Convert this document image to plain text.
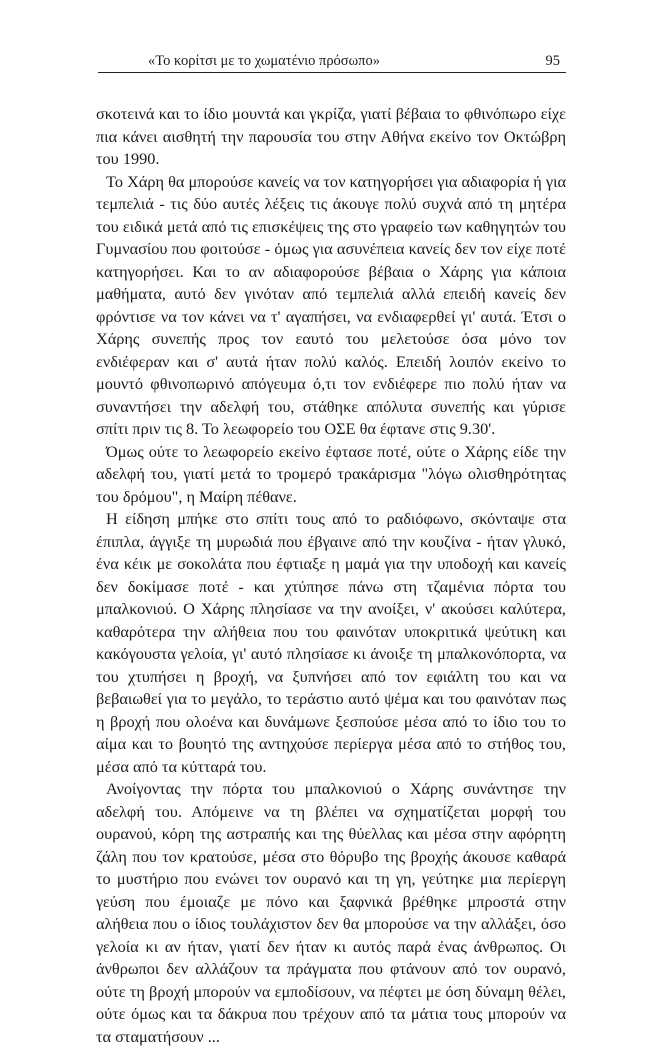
«Το κορίτσι με το χωματένιο πρόσωπο»	95

σκοτεινά και το ίδιο μουντά και γκρίζα, γιατί βέβαια το φθινόπωρο είχε πια κάνει αισθητή την παρουσία του στην Αθήνα εκείνο τον Οκτώβρη του 1990.

Το Χάρη θα μπορούσε κανείς να τον κατηγορήσει για αδιαφορία ή για τεμπελιά - τις δύο αυτές λέξεις τις άκουγε πολύ συχνά από τη μητέρα του ειδικά μετά από τις επισκέψεις της στο γραφείο των καθηγητών του Γυμνασίου που φοιτούσε - όμως για ασυνέπεια κανείς δεν τον είχε ποτέ κατηγορήσει. Και το αν αδιαφορούσε βέβαια ο Χάρης για κάποια μαθήματα, αυτό δεν γινόταν από τεμπελιά αλλά επειδή κανείς δεν φρόντισε να τον κάνει να τ' αγαπήσει, να ενδιαφερθεί γι' αυτά. Έτσι ο Χάρης συνεπής προς τον εαυτό του μελετούσε όσα μόνο τον ενδιέφεραν και σ' αυτά ήταν πολύ καλός. Επειδή λοιπόν εκείνο το μουντό φθινοπωρινό απόγευμα ό,τι τον ενδιέφερε πιο πολύ ήταν να συναντήσει την αδελφή του, στάθηκε απόλυτα συνεπής και γύρισε σπίτι πριν τις 8. Το λεωφορείο του ΟΣΕ θα έφτανε στις 9.30'.

Όμως ούτε το λεωφορείο εκείνο έφτασε ποτέ, ούτε ο Χάρης είδε την αδελφή του, γιατί μετά το τρομερό τρακάρισμα "λόγω ολισθηρότητας του δρόμου", η Μαίρη πέθανε.

Η είδηση μπήκε στο σπίτι τους από το ραδιόφωνο, σκόνταψε στα έπιπλα, άγγιξε τη μυρωδιά που έβγαινε από την κουζίνα - ήταν γλυκό, ένα κέικ με σοκολάτα που έφτιαξε η μαμά για την υποδοχή και κανείς δεν δοκίμασε ποτέ - και χτύπησε πάνω στη τζαμένια πόρτα του μπαλκονιού. Ο Χάρης πλησίασε να την ανοίξει, ν' ακούσει καλύτερα, καθαρότερα την αλήθεια που του φαινόταν υποκριτικά ψεύτικη και κακόγουστα γελοία, γι' αυτό πλησίασε κι άνοιξε τη μπαλκονόπορτα, να του χτυπήσει η βροχή, να ξυπνήσει από τον εφιάλτη του και να βεβαιωθεί για το μεγάλο, το τεράστιο αυτό ψέμα και του φαινόταν πως η βροχή που ολοένα και δυνάμωνε ξεσπούσε μέσα από το ίδιο του το αίμα και το βουητό της αντηχούσε περίεργα μέσα από το στήθος του, μέσα από τα κύτταρά του.

Ανοίγοντας την πόρτα του μπαλκονιού ο Χάρης συνάντησε την αδελφή του. Απόμεινε να τη βλέπει να σχηματίζεται μορφή του ουρανού, κόρη της αστραπής και της θύελλας και μέσα στην αφόρητη ζάλη που τον κρατούσε, μέσα στο θόρυβο της βροχής άκουσε καθαρά το μυστήριο που ενώνει τον ουρανό και τη γη, γεύτηκε μια περίεργη γεύση που έμοιαζε με πόνο και ξαφνικά βρέθηκε μπροστά στην αλήθεια που ο ίδιος τουλάχιστον δεν θα μπορούσε να την αλλάξει, όσο γελοία κι αν ήταν, γιατί δεν ήταν κι αυτός παρά ένας άνθρωπος. Οι άνθρωποι δεν αλλάζουν τα πράγματα που φτάνουν από τον ουρανό, ούτε τη βροχή μπορούν να εμποδίσουν, να πέφτει με όση δύναμη θέλει, ούτε όμως και τα δάκρυα που τρέχουν από τα μάτια τους μπορούν να τα σταματήσουν ...
